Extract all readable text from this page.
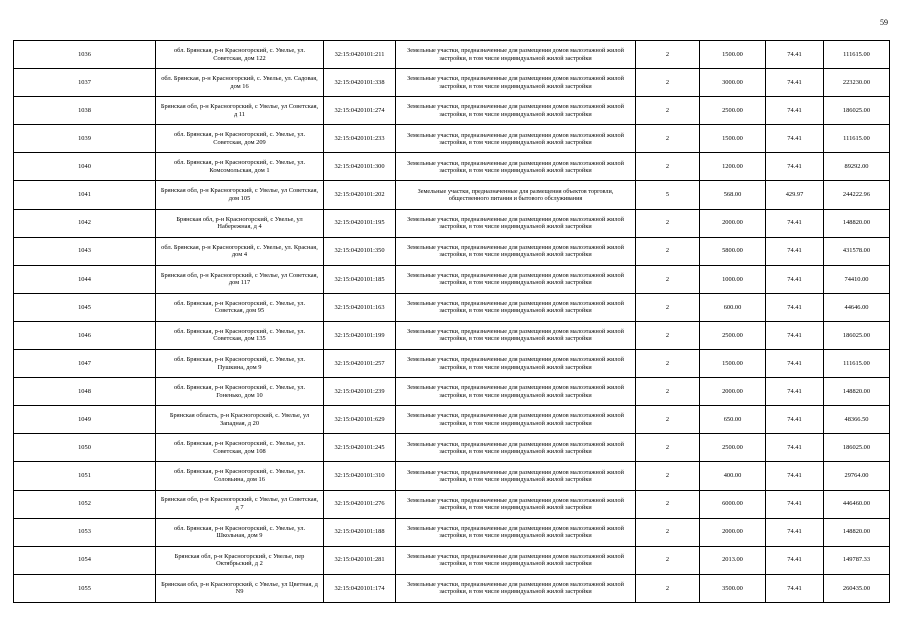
59
1036	обл. Брянская, р-н Красногорский, с. Увелье, ул. Советская, дом 122	32:15:0420101:211	Земельные участки, предназначенные для размещения домов малоэтажной жилой застройки, в том числе индивидуальной жилой застройки	2	1500.00	74.41	111615.00
1037	обл. Брянская, р-н Красногорский, с. Увелье, ул. Садовая, дом 16	32:15:0420101:338	Земельные участки, предназначенные для размещения домов малоэтажной жилой застройки, в том числе индивидуальной жилой застройки	2	3000.00	74.41	223230.00
1038	Брянская обл, р-н Красногорский, с Увелье, ул Советская, д 11	32:15:0420101:274	Земельные участки, предназначенные для размещения домов малоэтажной жилой застройки, в том числе индивидуальной жилой застройки	2	2500.00	74.41	186025.00
1039	обл. Брянская, р-н Красногорский, с. Увелье, ул. Советская, дом 209	32:15:0420101:233	Земельные участки, предназначенные для размещения домов малоэтажной жилой застройки, в том числе индивидуальной жилой застройки	2	1500.00	74.41	111615.00
1040	обл. Брянская, р-н Красногорский, с. Увелье, ул. Комсомольская, дом 1	32:15:0420101:300	Земельные участки, предназначенные для размещения домов малоэтажной жилой застройки, в том числе индивидуальной жилой застройки	2	1200.00	74.41	89292.00
1041	Брянская обл, р-н Красногорский, с Увелье, ул Советская, дом 105	32:15:0420101:202	Земельные участки, предназначенные для размещения объектов торговли, общественного питания и бытового обслуживания	5	568.00	429.97	244222.96
1042	Брянская обл, р-н Красногорский, с Увелье, ул Набережная, д 4	32:15:0420101:195	Земельные участки, предназначенные для размещения домов малоэтажной жилой застройки, в том числе индивидуальной жилой застройки	2	2000.00	74.41	148820.00
1043	обл. Брянская, р-н Красногорский, с. Увелье, ул. Красная, дом 4	32:15:0420101:350	Земельные участки, предназначенные для размещения домов малоэтажной жилой застройки, в том числе индивидуальной жилой застройки	2	5800.00	74.41	431578.00
1044	Брянская обл, р-н Красногорский, с Увелье, ул Советская, дом 117	32:15:0420101:185	Земельные участки, предназначенные для размещения домов малоэтажной жилой застройки, в том числе индивидуальной жилой застройки	2	1000.00	74.41	74410.00
1045	обл. Брянская, р-н Красногорский, с. Увелье, ул. Советская, дом 95	32:15:0420101:163	Земельные участки, предназначенные для размещения домов малоэтажной жилой застройки, в том числе индивидуальной жилой застройки	2	600.00	74.41	44646.00
1046	обл. Брянская, р-н Красногорский, с. Увелье, ул. Советская, дом 135	32:15:0420101:199	Земельные участки, предназначенные для размещения домов малоэтажной жилой застройки, в том числе индивидуальной жилой застройки	2	2500.00	74.41	186025.00
1047	обл. Брянская, р-н Красногорский, с. Увелье, ул. Пушкина, дом 9	32:15:0420101:257	Земельные участки, предназначенные для размещения домов малоэтажной жилой застройки, в том числе индивидуальной жилой застройки	2	1500.00	74.41	111615.00
1048	обл. Брянская, р-н Красногорский, с. Увелье, ул. Гоненько, дом 10	32:15:0420101:239	Земельные участки, предназначенные для размещения домов малоэтажной жилой застройки, в том числе индивидуальной жилой застройки	2	2000.00	74.41	148820.00
1049	Брянская область, р-н Красногорский, с. Увелье, ул Западная, д 20	32:15:0420101:629	Земельные участки, предназначенные для размещения домов малоэтажной жилой застройки, в том числе индивидуальной жилой застройки	2	650.00	74.41	48366.50
1050	обл. Брянская, р-н Красногорский, с. Увелье, ул. Советская, дом 108	32:15:0420101:245	Земельные участки, предназначенные для размещения домов малоэтажной жилой застройки, в том числе индивидуальной жилой застройки	2	2500.00	74.41	186025.00
1051	обл. Брянская, р-н Красногорский, с. Увелье, ул. Соловьина, дом 16	32:15:0420101:310	Земельные участки, предназначенные для размещения домов малоэтажной жилой застройки, в том числе индивидуальной жилой застройки	2	400.00	74.41	29764.00
1052	Брянская обл, р-н Красногорский, с Увелье, ул Советская, д 7	32:15:0420101:276	Земельные участки, предназначенные для размещения домов малоэтажной жилой застройки, в том числе индивидуальной жилой застройки	2	6000.00	74.41	446460.00
1053	обл. Брянская, р-н Красногорский, с. Увелье, ул. Школьная, дом 9	32:15:0420101:188	Земельные участки, предназначенные для размещения домов малоэтажной жилой застройки, в том числе индивидуальной жилой застройки	2	2000.00	74.41	148820.00
1054	Брянская обл, р-н Красногорский, с Увелье, пер Октябрьский, д 2	32:15:0420101:281	Земельные участки, предназначенные для размещения домов малоэтажной жилой застройки, в том числе индивидуальной жилой застройки	2	2013.00	74.41	149787.33
1055	Брянская обл, р-н Красногорский, с Увелье, ул Цветная, д N9	32:15:0420101:174	Земельные участки, предназначенные для размещения домов малоэтажной жилой застройки, в том числе индивидуальной жилой застройки	2	3500.00	74.41	260435.00
